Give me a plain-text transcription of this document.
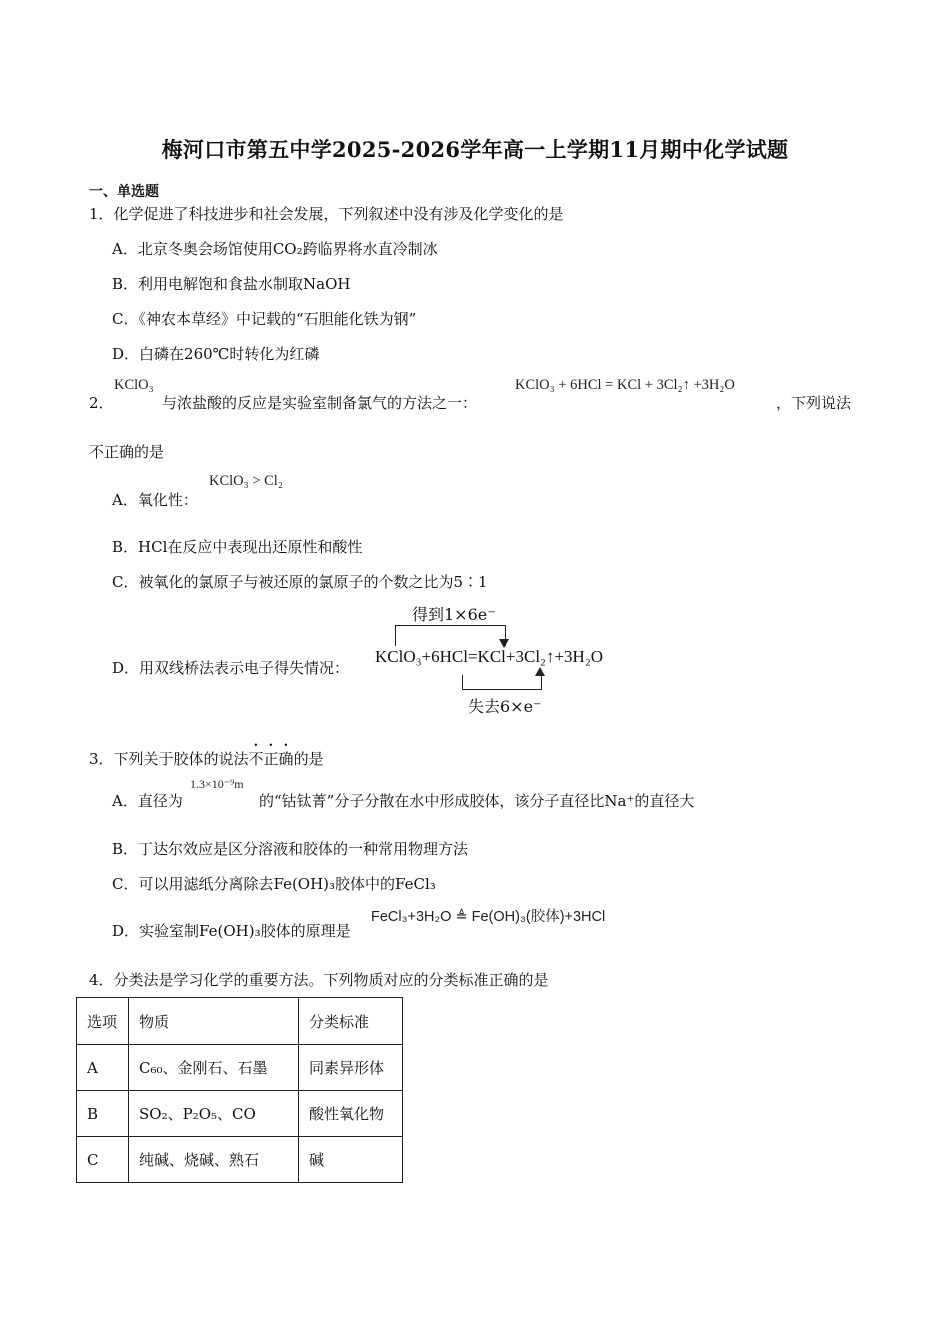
梅河口市第五中学2025-2026学年高一上学期11月期中化学试题
一、单选题
1．化学促进了科技进步和社会发展，下列叙述中没有涉及化学变化的是
A．北京冬奥会场馆使用CO₂跨临界将水直冷制冰
B．利用电解饱和食盐水制取NaOH
C．《神农本草经》中记载的“石胆能化铁为钢”
D．白磷在260℃时转化为红磷
2．
KClO₃
与浓盐酸的反应是实验室制备氯气的方法之一：
KClO₃ + 6HCl = KCl + 3Cl₂↑ +3H₂O
，下列说法
不正确的是
A．氧化性：
KClO₃ > Cl₂
B．HCl在反应中表现出还原性和酸性
C．被氧化的氯原子与被还原的氯原子的个数之比为5∶1
D．用双线桥法表示电子得失情况：
得到1×6e⁻
KClO₃+6HCl=KCl+3Cl₂↑+3H₂O
失去6×e⁻
3．下列关于胶体的说法不正确的是
A．直径为
1.3×10⁻⁹m
的“钴钛菁”分子分散在水中形成胶体，该分子直径比Na⁺的直径大
B．丁达尔效应是区分溶液和胶体的一种常用物理方法
C．可以用滤纸分离除去Fe(OH)₃胶体中的FeCl₃
D．实验室制Fe(OH)₃胶体的原理是
FeCl₃+3H₂O ≜ Fe(OH)₃(胶体)+3HCl
4．分类法是学习化学的重要方法。下列物质对应的分类标准正确的是
选项	物质	分类标准
A	C₆₀、金刚石、石墨	同素异形体
B	SO₂、P₂O₅、CO	酸性氧化物
C	纯碱、烧碱、熟石	碱
